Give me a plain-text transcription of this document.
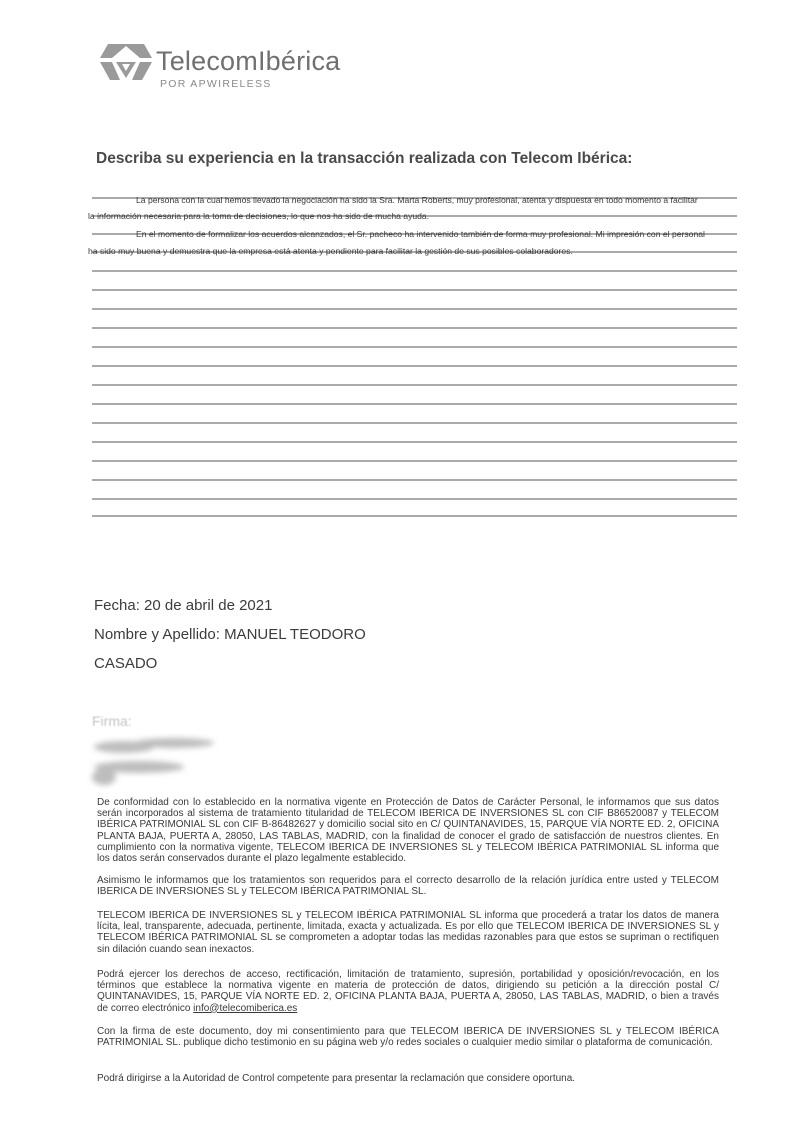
TelecomIbérica
POR APWIRELESS
Describa su experiencia en la transacción realizada con Telecom Ibérica:
La persona con la cual hemos llevado la negociación ha sido la Sra. Marta Roberts, muy profesional, atenta y dispuesta en todo momento a facilitar
la información necesaria para la toma de decisiones, lo que nos ha sido de mucha ayuda.
En el momento de formalizar los acuerdos alcanzados, el Sr. pacheco ha intervenido también de forma muy profesional. Mi impresión con el personal
ha sido muy buena y demuestra que la empresa está atenta y pendiente para facilitar la gestión de sus posibles colaboradores.
Fecha: 20 de abril de 2021
Nombre y Apellido: MANUEL TEODORO
CASADO
Firma:
De conformidad con lo establecido en la normativa vigente en Protección de Datos de Carácter Personal, le informamos que sus datos serán incorporados al sistema de tratamiento titularidad de TELECOM IBERICA DE INVERSIONES SL con CIF B86520087 y TELECOM IBÉRICA PATRIMONIAL SL con CIF B-86482627 y domicilio social sito en C/ QUINTANAVIDES, 15, PARQUE VÍA NORTE ED. 2, OFICINA PLANTA BAJA, PUERTA A, 28050, LAS TABLAS, MADRID, con la finalidad de conocer el grado de satisfacción de nuestros clientes. En cumplimiento con la normativa vigente, TELECOM IBERICA DE INVERSIONES SL y TELECOM IBÉRICA PATRIMONIAL SL informa que los datos serán conservados durante el plazo legalmente establecido.
Asimismo le informamos que los tratamientos son requeridos para el correcto desarrollo de la relación jurídica entre usted y TELECOM IBERICA DE INVERSIONES SL y TELECOM IBÉRICA PATRIMONIAL SL.
TELECOM IBERICA DE INVERSIONES SL y TELECOM IBÉRICA PATRIMONIAL SL informa que procederá a tratar los datos de manera lícita, leal, transparente, adecuada, pertinente, limitada, exacta y actualizada. Es por ello que TELECOM IBERICA DE INVERSIONES SL y TELECOM IBÉRICA PATRIMONIAL SL se comprometen a adoptar todas las medidas razonables para que estos se supriman o rectifiquen sin dilación cuando sean inexactos.
Podrá ejercer los derechos de acceso, rectificación, limitación de tratamiento, supresión, portabilidad y oposición/revocación, en los términos que establece la normativa vigente en materia de protección de datos, dirigiendo su petición a la dirección postal C/ QUINTANAVIDES, 15, PARQUE VÍA NORTE ED. 2, OFICINA PLANTA BAJA, PUERTA A, 28050, LAS TABLAS, MADRID, o bien a través de correo electrónico info@telecomiberica.es
Con la firma de este documento, doy mi consentimiento para que TELECOM IBERICA DE INVERSIONES SL y TELECOM IBÉRICA PATRIMONIAL SL. publique dicho testimonio en su página web y/o redes sociales o cualquier medio similar o plataforma de comunicación.
Podrá dirigirse a la Autoridad de Control competente para presentar la reclamación que considere oportuna.
